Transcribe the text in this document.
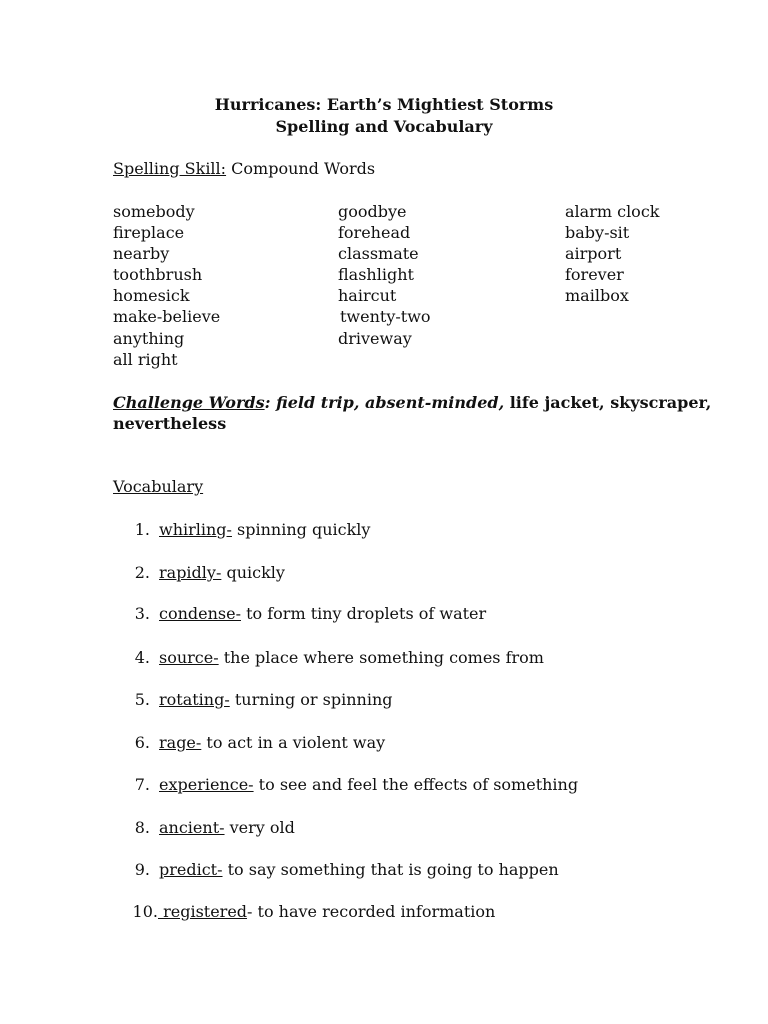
Hurricanes: Earth’s Mightiest Storms
Spelling and Vocabulary
Spelling Skill: Compound Words
somebody
fireplace
nearby
toothbrush
homesick
make-believe
anything
all right
goodbye
forehead
classmate
flashlight
haircut
twenty-two
driveway
alarm clock
baby-sit
airport
forever
mailbox
Challenge Words: field trip, absent-minded, life jacket, skyscraper,
nevertheless
Vocabulary
1. whirling- spinning quickly
2. rapidly- quickly
3. condense- to form tiny droplets of water
4. source- the place where something comes from
5. rotating- turning or spinning
6. rage- to act in a violent way
7. experience- to see and feel the effects of something
8. ancient- very old
9. predict- to say something that is going to happen
10. registered- to have recorded information
